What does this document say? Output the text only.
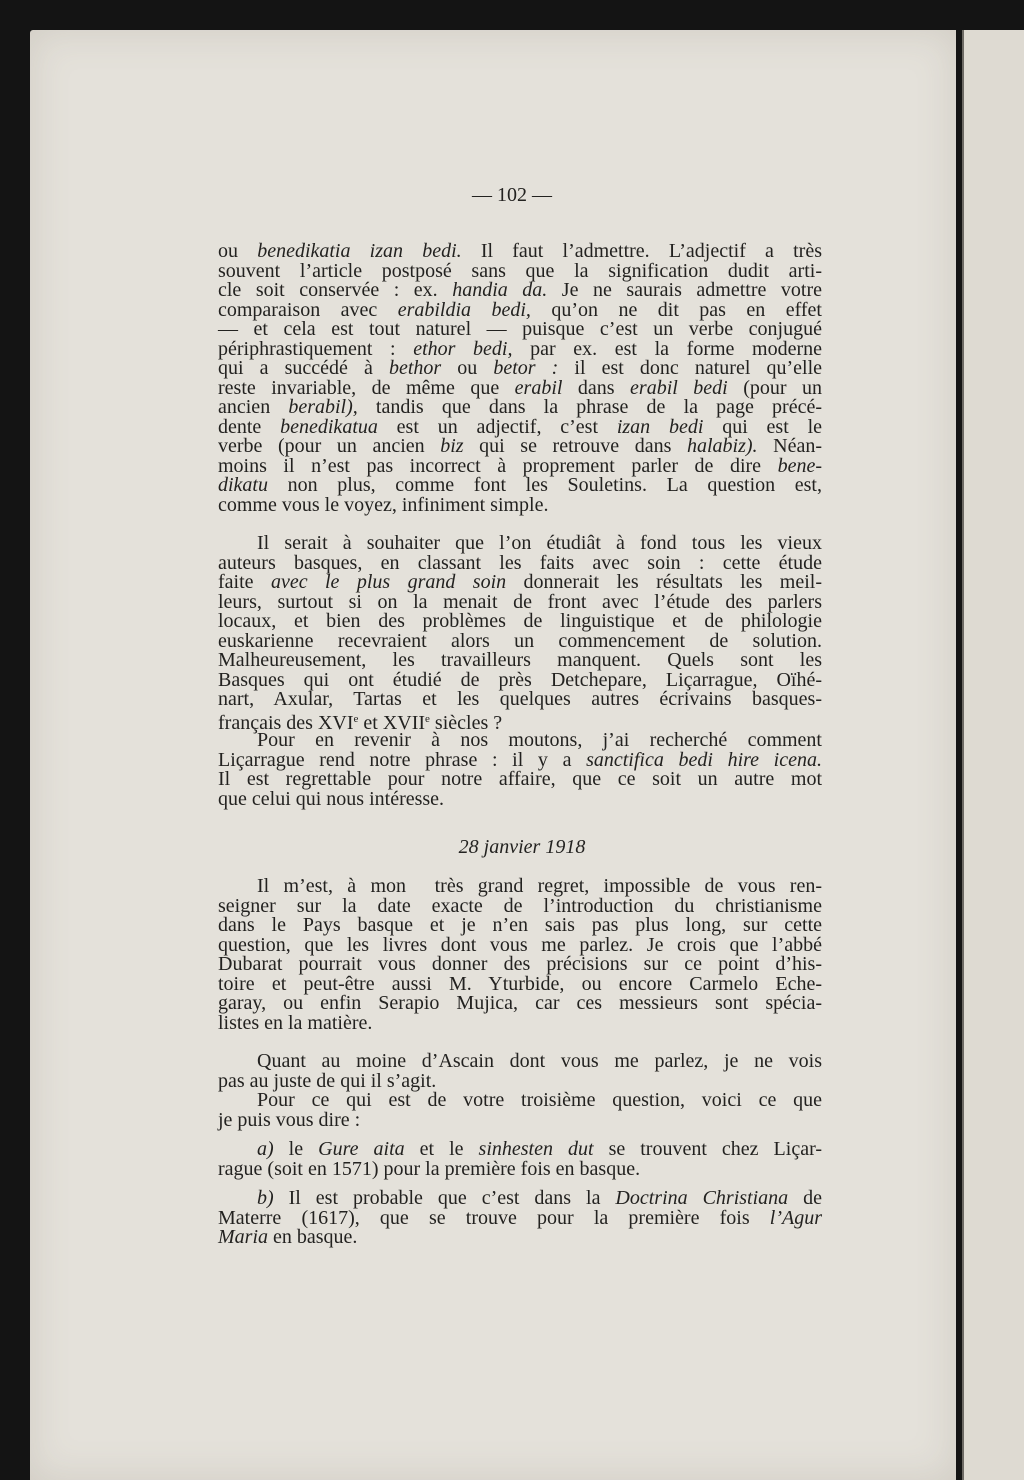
— 102 —
28 janvier 1918
ou benedikatia izan bedi. Il faut l’admettre. L’adjectif a très
souvent l’article postposé sans que la signification dudit arti-
cle soit conservée : ex. handia da. Je ne saurais admettre votre
comparaison avec erabildia bedi, qu’on ne dit pas en effet
— et cela est tout naturel — puisque c’est un verbe conjugué
périphrastiquement : ethor bedi, par ex. est la forme moderne
qui a succédé à bethor ou betor : il est donc naturel qu’elle
reste invariable, de même que erabil dans erabil bedi (pour un
ancien berabil), tandis que dans la phrase de la page précé-
dente benedikatua est un adjectif, c’est izan bedi qui est le
verbe (pour un ancien biz qui se retrouve dans halabiz). Néan-
moins il n’est pas incorrect à proprement parler de dire bene-
dikatu non plus, comme font les Souletins. La question est,
comme vous le voyez, infiniment simple.
Il serait à souhaiter que l’on étudiât à fond tous les vieux
auteurs basques, en classant les faits avec soin : cette étude
faite avec le plus grand soin donnerait les résultats les meil-
leurs, surtout si on la menait de front avec l’étude des parlers
locaux, et bien des problèmes de linguistique et de philologie
euskarienne recevraient alors un commencement de solution.
Malheureusement, les travailleurs manquent. Quels sont les
Basques qui ont étudié de près Detchepare, Liçarrague, Oïhé-
nart, Axular, Tartas et les quelques autres écrivains basques-
français des XVIe et XVIIe siècles ?
Pour en revenir à nos moutons, j’ai recherché comment
Liçarrague rend notre phrase : il y a sanctifica bedi hire icena.
Il est regrettable pour notre affaire, que ce soit un autre mot
que celui qui nous intéresse.
Il m’est, à mon  très grand regret, impossible de vous ren-
seigner sur la date exacte de l’introduction du christianisme
dans le Pays basque et je n’en sais pas plus long, sur cette
question, que les livres dont vous me parlez. Je crois que l’abbé
Dubarat pourrait vous donner des précisions sur ce point d’his-
toire et peut-être aussi M. Yturbide, ou encore Carmelo Eche-
garay, ou enfin Serapio Mujica, car ces messieurs sont spécia-
listes en la matière.
Quant au moine d’Ascain dont vous me parlez, je ne vois
pas au juste de qui il s’agit.
Pour ce qui est de votre troisième question, voici ce que
je puis vous dire :
a) le Gure aita et le sinhesten dut se trouvent chez Liçar-
rague (soit en 1571) pour la première fois en basque.
b) Il est probable que c’est dans la Doctrina Christiana de
Materre (1617), que se trouve pour la première fois l’Agur
Maria en basque.
